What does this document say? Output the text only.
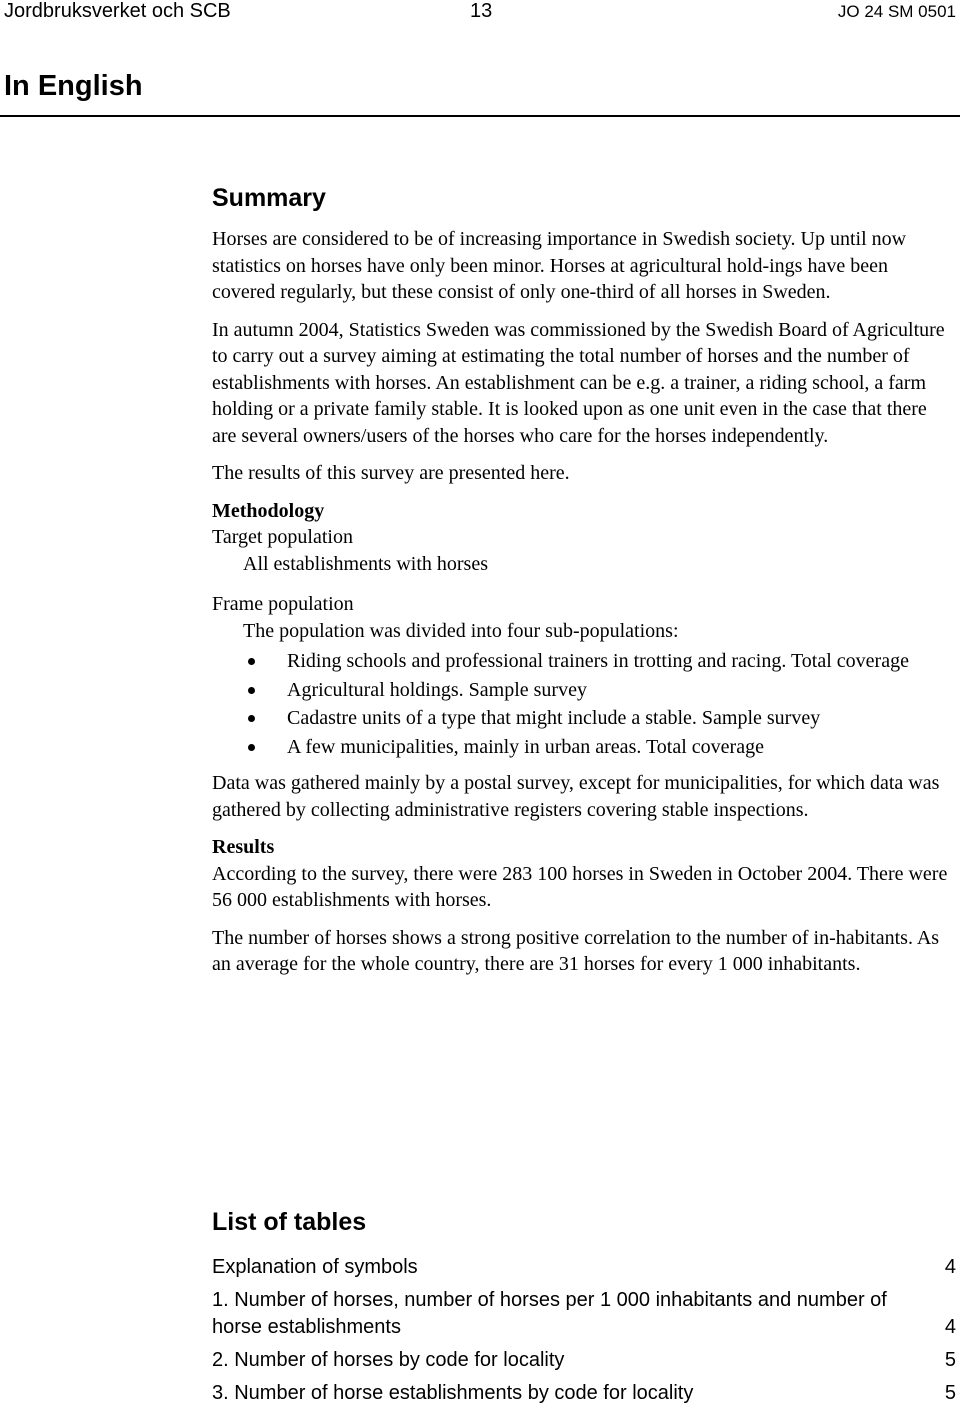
Jordbruksverket och SCB	13	JO 24 SM 0501
In English
Summary

Horses are considered to be of increasing importance in Swedish society. Up until now statistics on horses have only been minor. Horses at agricultural hold-ings have been covered regularly, but these consist of only one-third of all horses in Sweden.

In autumn 2004, Statistics Sweden was commissioned by the Swedish Board of Agriculture to carry out a survey aiming at estimating the total number of horses and the number of establishments with horses. An establishment can be e.g. a trainer, a riding school, a farm holding or a private family stable. It is looked upon as one unit even in the case that there are several owners/users of the horses who care for the horses independently.

The results of this survey are presented here.

Methodology
Target population
All establishments with horses
Frame population
The population was divided into four sub-populations:
Riding schools and professional trainers in trotting and racing. Total coverage
Agricultural holdings. Sample survey
Cadastre units of a type that might include a stable. Sample survey
A few municipalities, mainly in urban areas. Total coverage

Data was gathered mainly by a postal survey, except for municipalities, for which data was gathered by collecting administrative registers covering stable inspections.

Results

According to the survey, there were 283 100 horses in Sweden in October 2004. There were 56 000 establishments with horses.

The number of horses shows a strong positive correlation to the number of in-habitants. As an average for the whole country, there are 31 horses for every 1 000 inhabitants.

List of tables
Explanation of symbols	4
1. Number of horses, number of horses per 1 000 inhabitants and number of horse establishments	4
2. Number of horses by code for locality	5
3. Number of horse establishments by code for locality	5
